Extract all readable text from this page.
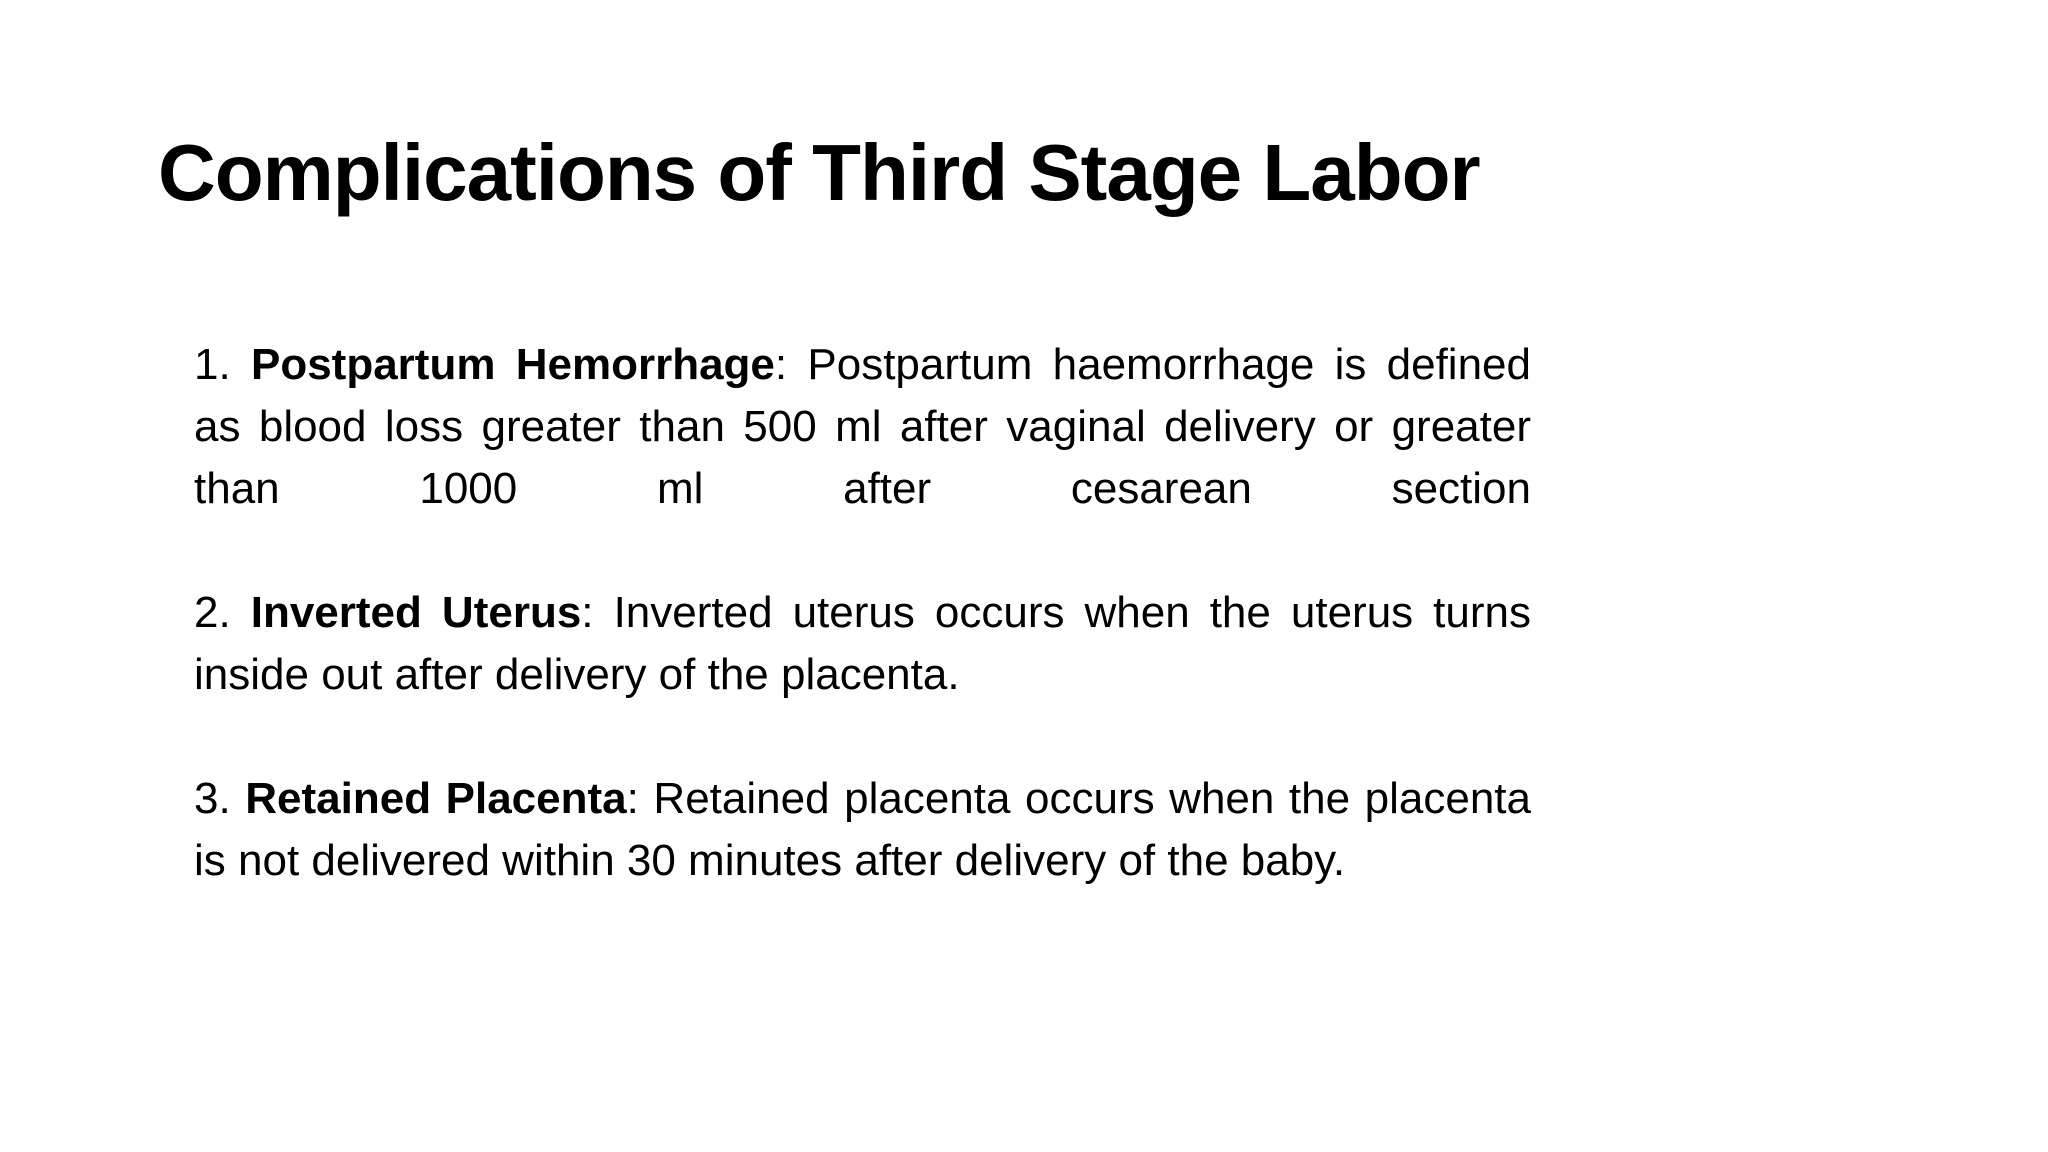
Complications of Third Stage Labor

1. Postpartum Hemorrhage: Postpartum haemorrhage is defined as blood loss greater than 500 ml after vaginal delivery or greater than 1000 ml after cesarean section

2. Inverted Uterus: Inverted uterus occurs when the uterus turns inside out after delivery of the placenta.

3. Retained Placenta: Retained placenta occurs when the placenta is not delivered within 30 minutes after delivery of the baby.
